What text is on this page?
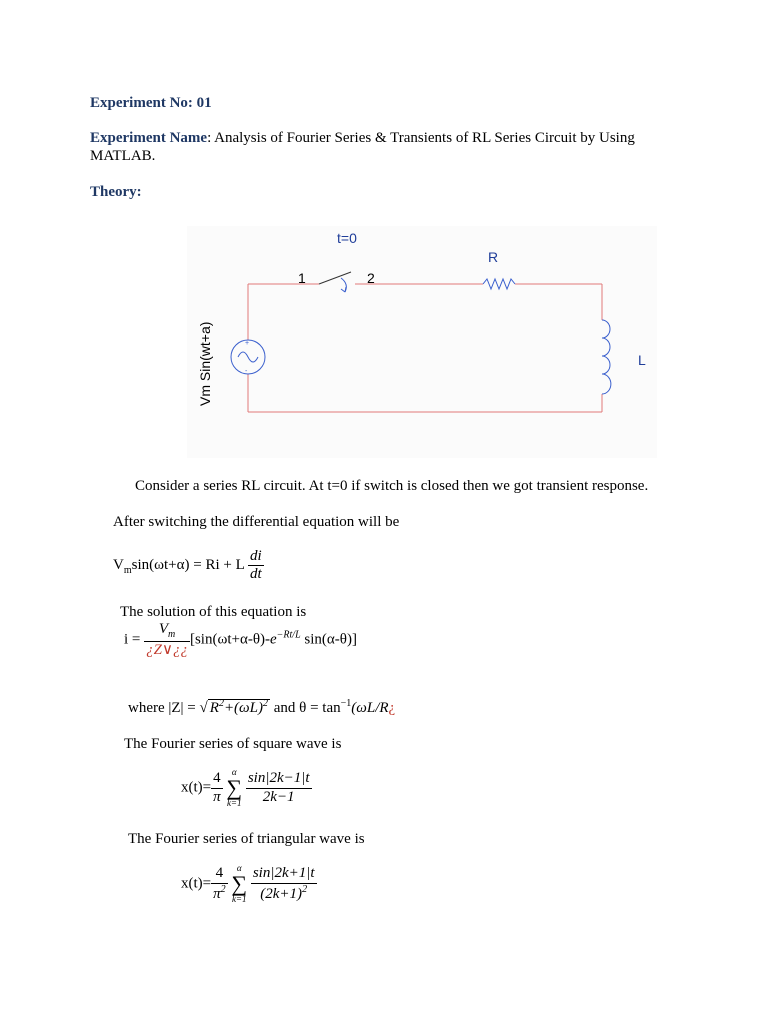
Experiment No: 01
Experiment Name: Analysis of Fourier Series & Transients of RL Series Circuit by Using
MATLAB.
Theory:
+
-
t=0
1	2
R
L
Vm Sin(wt+a)
Consider a series RL circuit. At t=0 if switch is closed then we got transient response.
After switching the differential equation will be
$V_m\sin(\omega t+\alpha) = Ri + L \frac{di}{dt}$
The solution of this equation is
$i = \frac{V_m}{¿Z\vee¿¿} [\sin(\omega t+\alpha-\theta)-e^{-Rt/L}$ sin(α-θ)]
where |Z| = √ $R^2+(\omega L)^2$ and $\theta = \tan^{-1}(\omega L/R¿$
The Fourier series of square wave is
$x(t)= \frac{4}{\pi}$
	α
∑
k=1
$\frac{\sin⁡|2k-1|t}{2k-1}$
The Fourier series of triangular wave is
$x(t)= \frac{4}{\pi^2}$
	α
∑
k=1
$\frac{\sin⁡|2k+1|t}{(2k+1)^2}$
